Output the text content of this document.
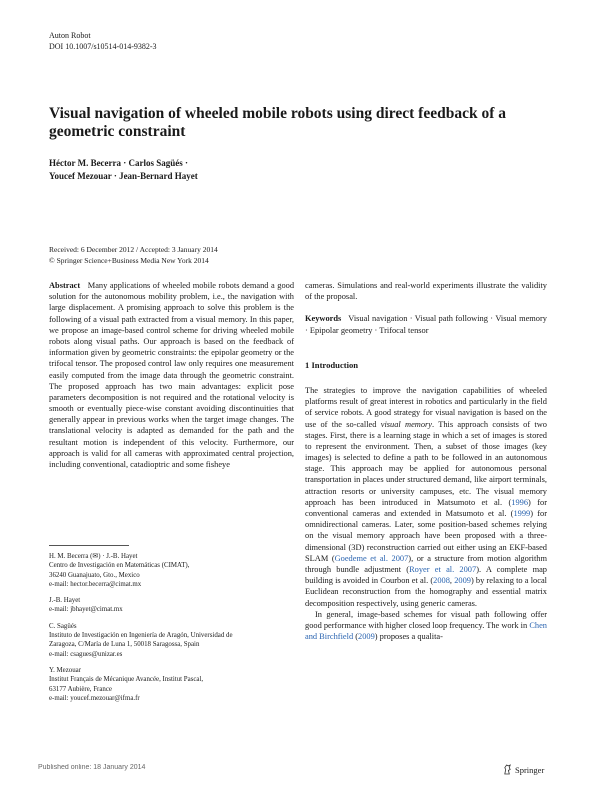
Auton Robot
DOI 10.1007/s10514-014-9382-3
Visual navigation of wheeled mobile robots using direct feedback of a geometric constraint
Héctor M. Becerra · Carlos Sagüés ·
Youcef Mezouar · Jean-Bernard Hayet
Received: 6 December 2012 / Accepted: 3 January 2014
© Springer Science+Business Media New York 2014

Abstract Many applications of wheeled mobile robots demand a good solution for the autonomous mobility problem, i.e., the navigation with large displacement. A promising approach to solve this problem is the following of a visual path extracted from a visual memory. In this paper, we propose an image-based control scheme for driving wheeled mobile robots along visual paths. Our approach is based on the feedback of information given by geometric constraints: the epipolar geometry or the trifocal tensor. The proposed control law only requires one measurement easily computed from the image data through the geometric constraint. The proposed approach has two main advantages: explicit pose parameters decomposition is not required and the rotational velocity is smooth or eventually piece-wise constant avoiding discontinuities that generally appear in previous works when the target image changes. The translational velocity is adapted as demanded for the path and the resultant motion is independent of this velocity. Furthermore, our approach is valid for all cameras with approximated central projection, including conventional, catadioptric and some fisheye

H. M. Becerra (✉) · J.-B. Hayet
Centro de Investigación en Matemáticas (CIMAT),
36240 Guanajuato, Gto., Mexico
e-mail: hector.becerra@cimat.mx
J.-B. Hayet
e-mail: jbhayet@cimat.mx
C. Sagüés
Instituto de Investigación en Ingeniería de Aragón, Universidad de
Zaragoza, C/María de Luna 1, 50018 Saragossa, Spain
e-mail: csagues@unizar.es
Y. Mezouar
Institut Français de Mécanique Avancée, Institut Pascal,
63177 Aubière, France
e-mail: youcef.mezouar@ifma.fr

cameras. Simulations and real-world experiments illustrate the validity of the proposal.

Keywords Visual navigation · Visual path following · Visual memory · Epipolar geometry · Trifocal tensor

1 Introduction

The strategies to improve the navigation capabilities of wheeled platforms result of great interest in robotics and particularly in the field of service robots. A good strategy for visual navigation is based on the use of the so-called visual memory. This approach consists of two stages. First, there is a learning stage in which a set of images is stored to represent the environment. Then, a subset of those images (key images) is selected to define a path to be followed in an autonomous stage. This approach may be applied for autonomous personal transportation in places under structured demand, like airport terminals, attraction resorts or university campuses, etc. The visual memory approach has been introduced in Matsumoto et al. (1996) for conventional cameras and extended in Matsumoto et al. (1999) for omnidirectional cameras. Later, some position-based schemes relying on the visual memory approach have been proposed with a three-dimensional (3D) reconstruction carried out either using an EKF-based SLAM (Goedeme et al. 2007), or a structure from motion algorithm through bundle adjustment (Royer et al. 2007). A complete map building is avoided in Courbon et al. (2008, 2009) by relaxing to a local Euclidean reconstruction from the homography and essential matrix decomposition respectively, using generic cameras.

In general, image-based schemes for visual path following offer good performance with higher closed loop frequency. The work in Chen and Birchfield (2009) proposes a qualita-

Published online: 18 January 2014	Springer
